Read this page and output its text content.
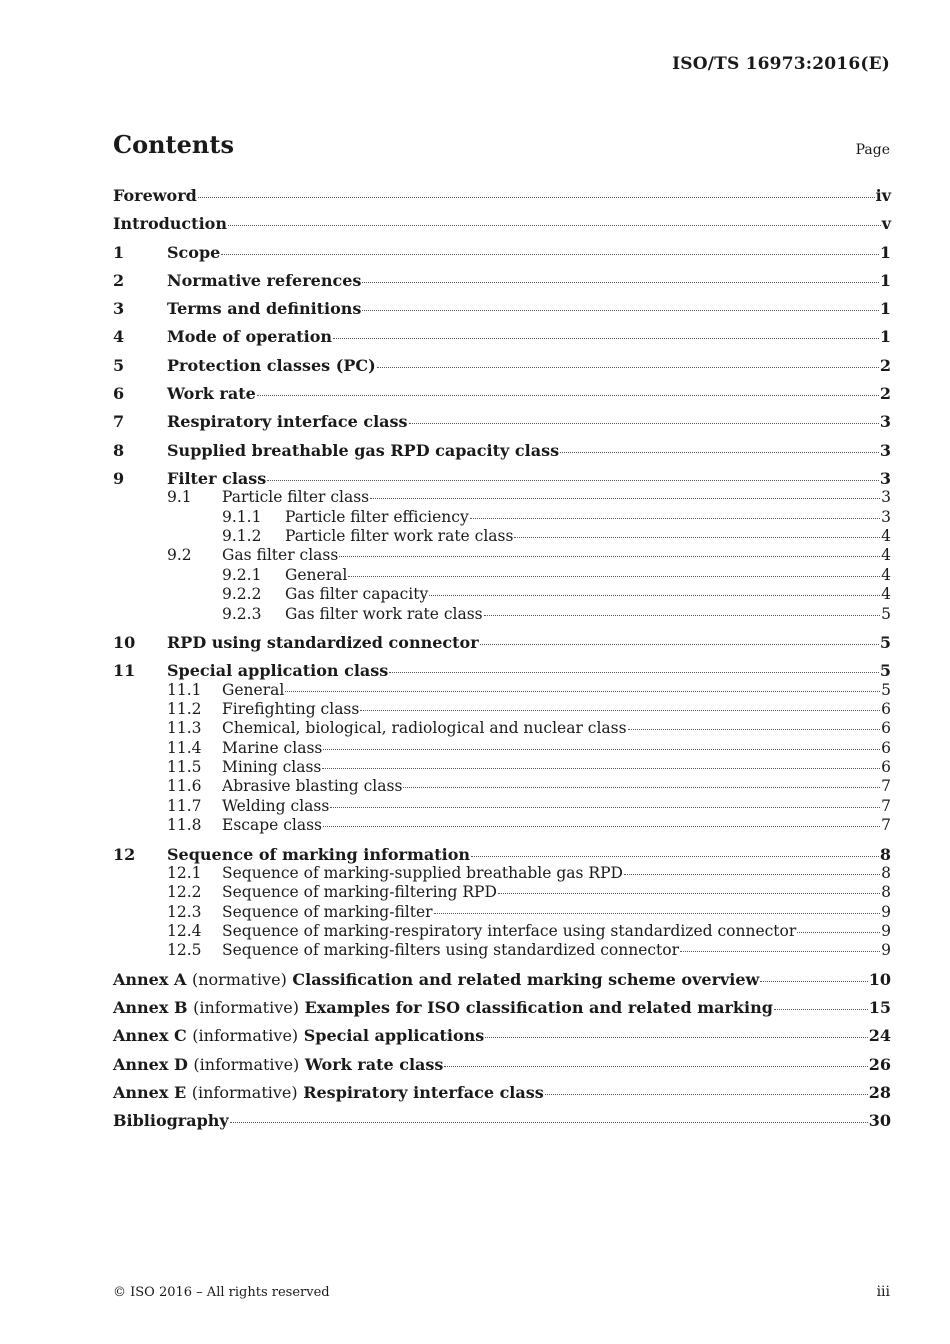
ISO/TS 16973:2016(E)
Contents	Page
Foreword	iv
Introduction	v
1	Scope	1
2	Normative references	1
3	Terms and definitions	1
4	Mode of operation	1
5	Protection classes (PC)	2
6	Work rate	2
7	Respiratory interface class	3
8	Supplied breathable gas RPD capacity class	3
9	Filter class	3
9.1	Particle filter class	3
9.1.1	Particle filter efficiency	3
9.1.2	Particle filter work rate class	4
9.2	Gas filter class	4
9.2.1	General	4
9.2.2	Gas filter capacity	4
9.2.3	Gas filter work rate class	5
10	RPD using standardized connector	5
11	Special application class	5
11.1	General	5
11.2	Firefighting class	6
11.3	Chemical, biological, radiological and nuclear class	6
11.4	Marine class	6
11.5	Mining class	6
11.6	Abrasive blasting class	7
11.7	Welding class	7
11.8	Escape class	7
12	Sequence of marking information	8
12.1	Sequence of marking-supplied breathable gas RPD	8
12.2	Sequence of marking-filtering RPD	8
12.3	Sequence of marking-filter	9
12.4	Sequence of marking-respiratory interface using standardized connector	9
12.5	Sequence of marking-filters using standardized connector	9
Annex A (normative) Classification and related marking scheme overview	10
Annex B (informative) Examples for ISO classification and related marking	15
Annex C (informative) Special applications	24
Annex D (informative) Work rate class	26
Annex E (informative) Respiratory interface class	28
Bibliography	30
© ISO 2016 – All rights reserved	iii
